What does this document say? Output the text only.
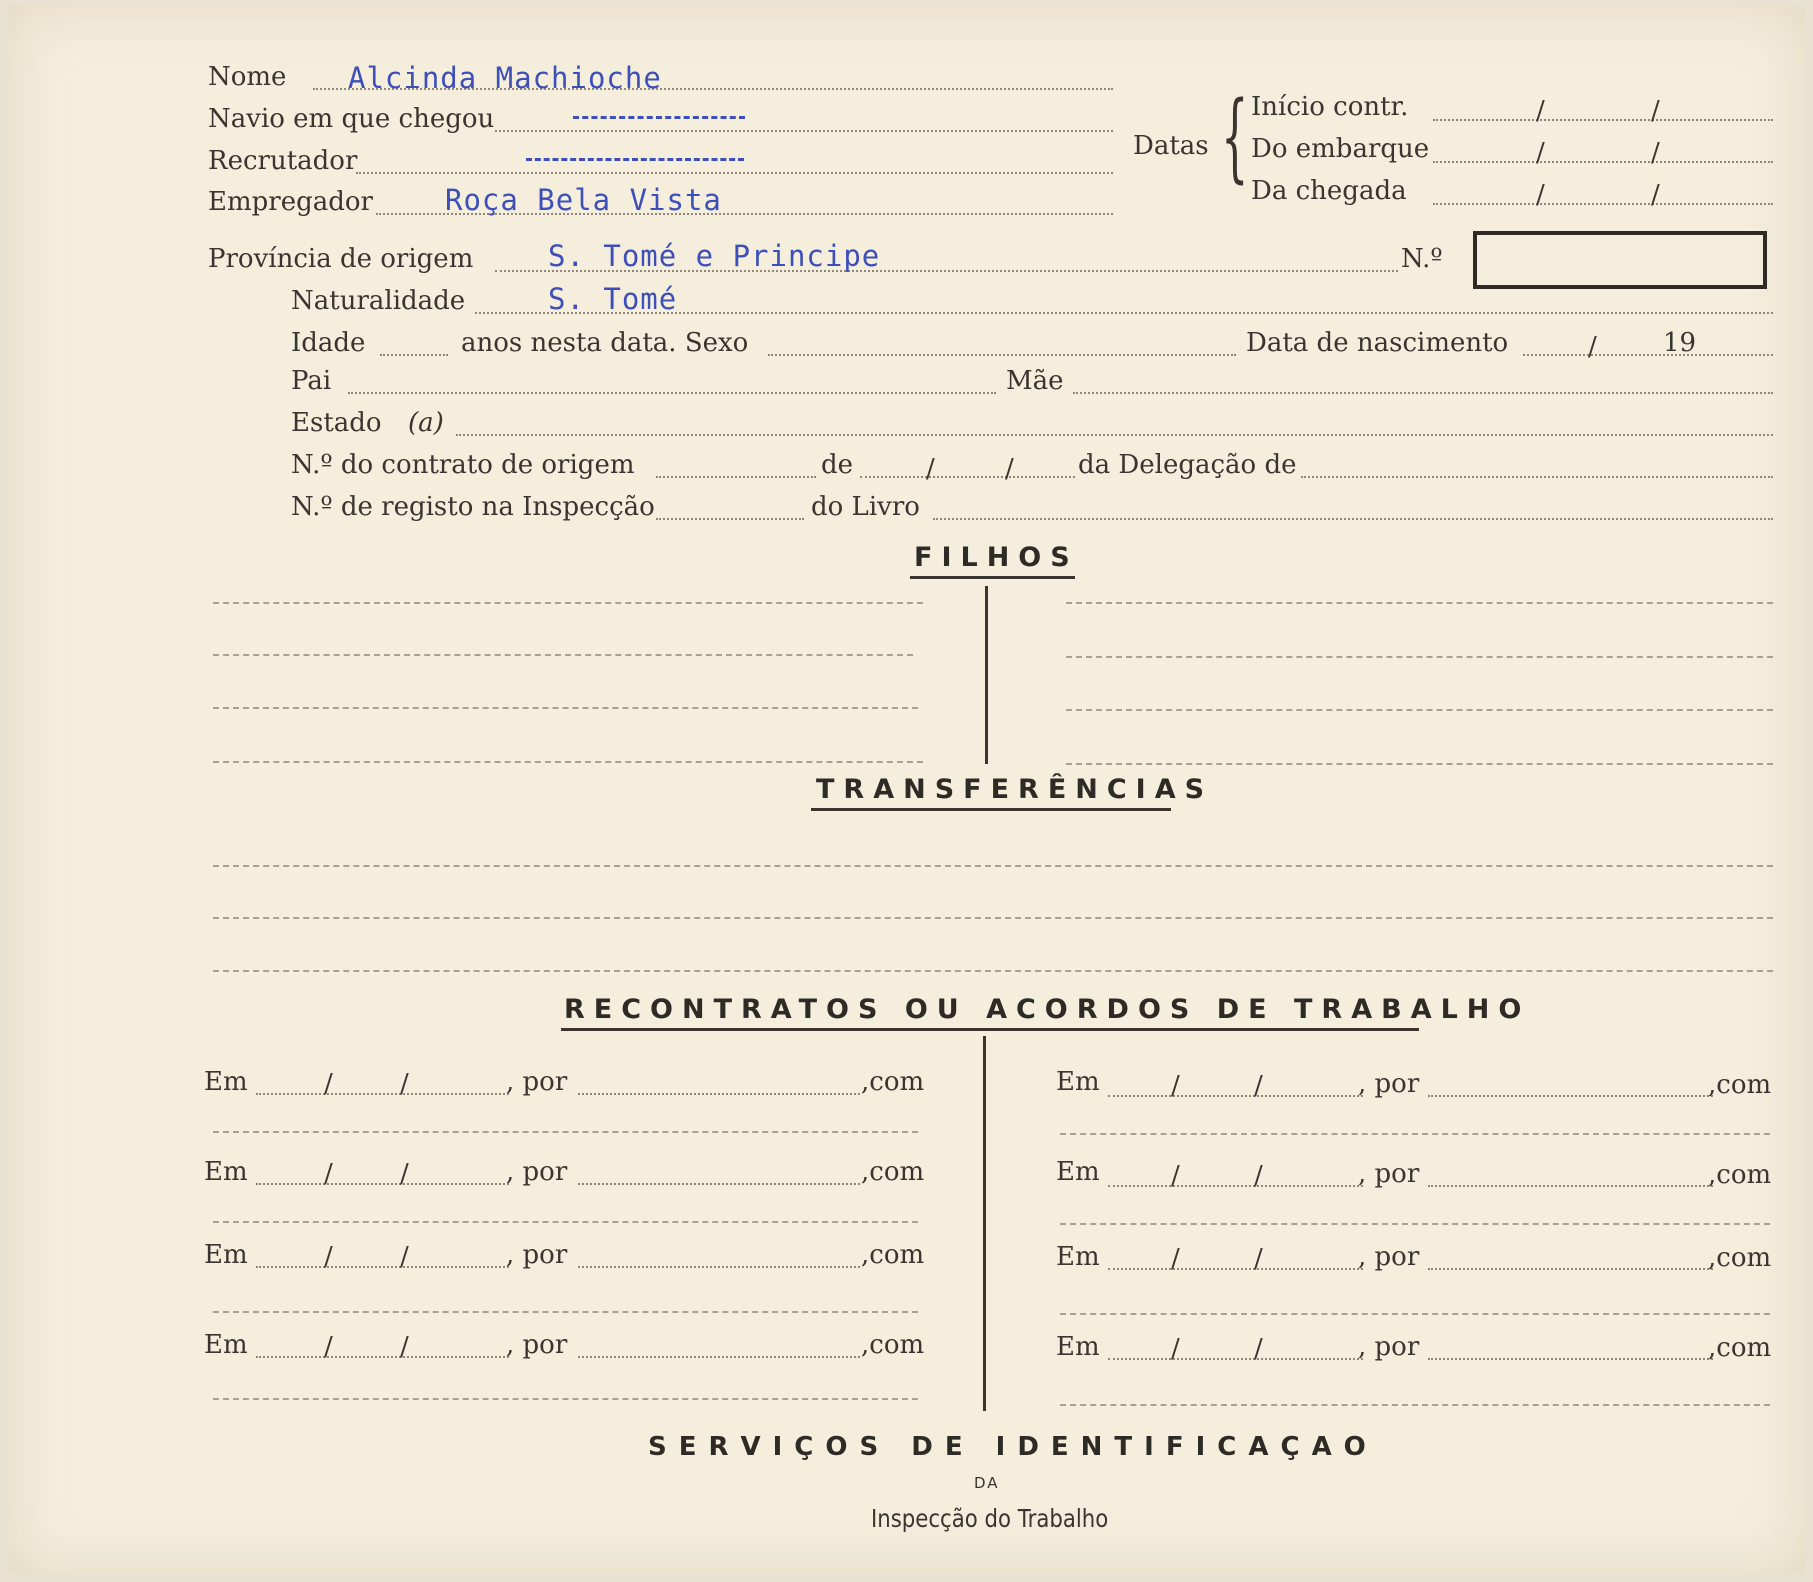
Nome Alcinda Machioche
Navio em que chegou
Recrutador
Empregador Roça Bela Vista
Datas { Início contr.	/	/
Do embarque	/	/
Da chegada	/	/
Província de origem	S. Tomé e Principe	N.º
Naturalidade	S. Tomé
Idade	anos nesta data. Sexo	Data de nascimento	/	19
Pai	Mãe
Estado (a)
N.º do contrato de origem	de	/	/ da Delegação de
N.º de registo na Inspecção	do Livro
FILHOS
TRANSFERÊNCIAS
RECONTRATOS OU ACORDOS DE TRABALHO
Em	/	/	, por	,com
Em	/	/	, por	,com
Em	/	/	, por	,com
Em	/	/	, por	,com
Em	/	/	, por	,com
Em	/	/	, por	,com
Em	/	/	, por	,com
Em	/	/	, por	,com
SERVIÇOS DE IDENTIFICAÇAO
DA
Inspecção do Trabalho
